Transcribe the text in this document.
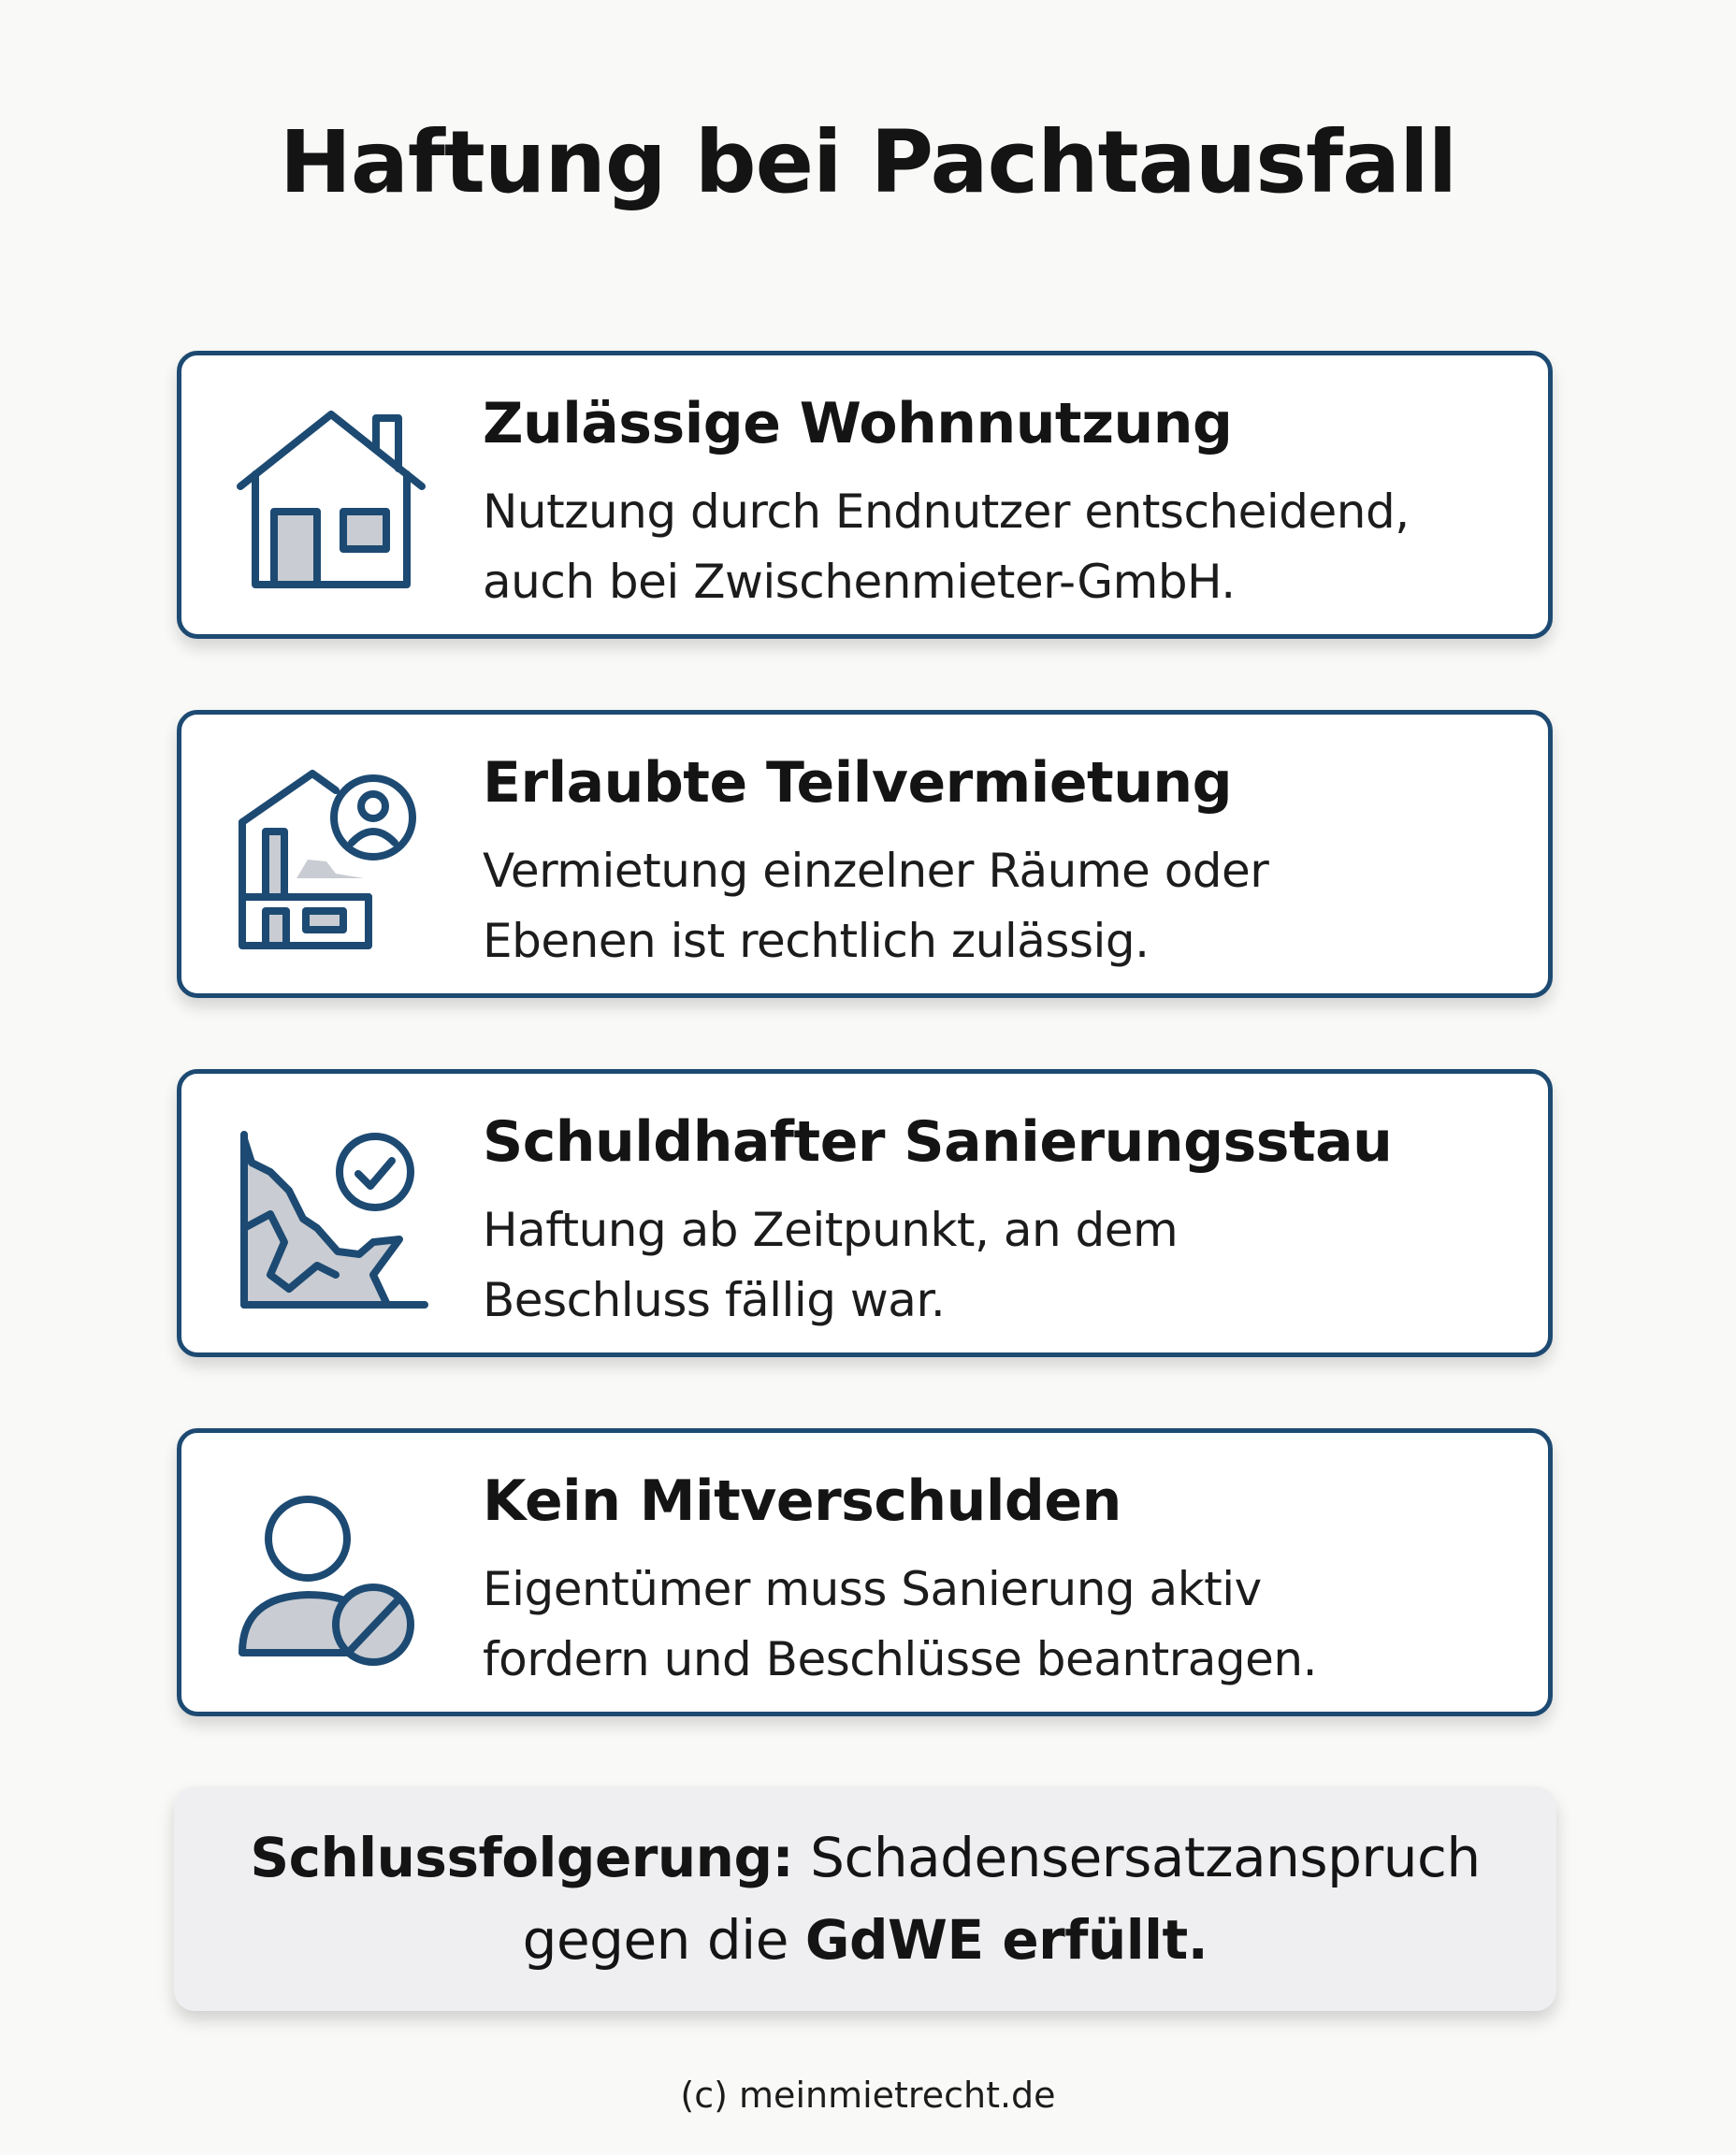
Haftung bei Pachtausfall
Zulässige Wohnnutzung
Nutzung durch Endnutzer entscheidend,
auch bei Zwischenmieter-GmbH.
Erlaubte Teilvermietung
Vermietung einzelner Räume oder
Ebenen ist rechtlich zulässig.
Schuldhafter Sanierungsstau
Haftung ab Zeitpunkt, an dem
Beschluss fällig war.
Kein Mitverschulden
Eigentümer muss Sanierung aktiv
fordern und Beschlüsse beantragen.
Schlussfolgerung: Schadensersatzanspruch
gegen die GdWE erfüllt.
(c) meinmietrecht.de
